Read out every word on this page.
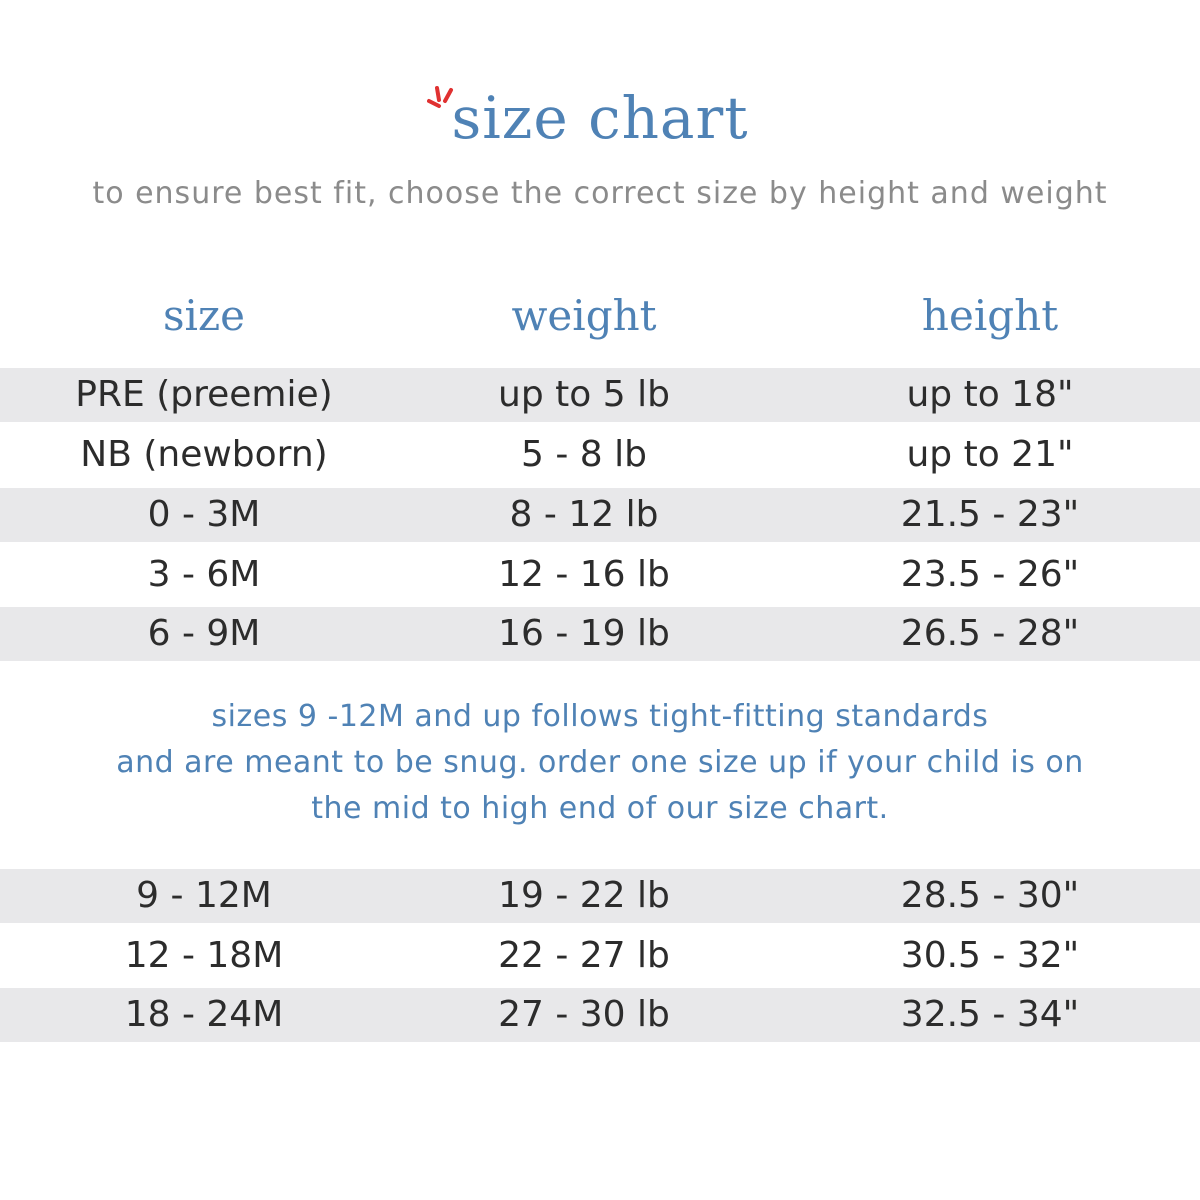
size chart
to ensure best fit, choose the correct size by height and weight
size	weight	height
PRE (preemie)	up to 5 lb	up to 18"
NB (newborn)	5 - 8 lb	up to 21"
0 - 3M	8 - 12 lb	21.5 - 23"
3 - 6M	12 - 16 lb	23.5 - 26"
6 - 9M	16 - 19 lb	26.5 - 28"
sizes 9 -12M and up follows tight-fitting standards
and are meant to be snug. order one size up if your child is on
the mid to high end of our size chart.
9 - 12M	19 - 22 lb	28.5 - 30"
12 - 18M	22 - 27 lb	30.5 - 32"
18 - 24M	27 - 30 lb	32.5 - 34"
